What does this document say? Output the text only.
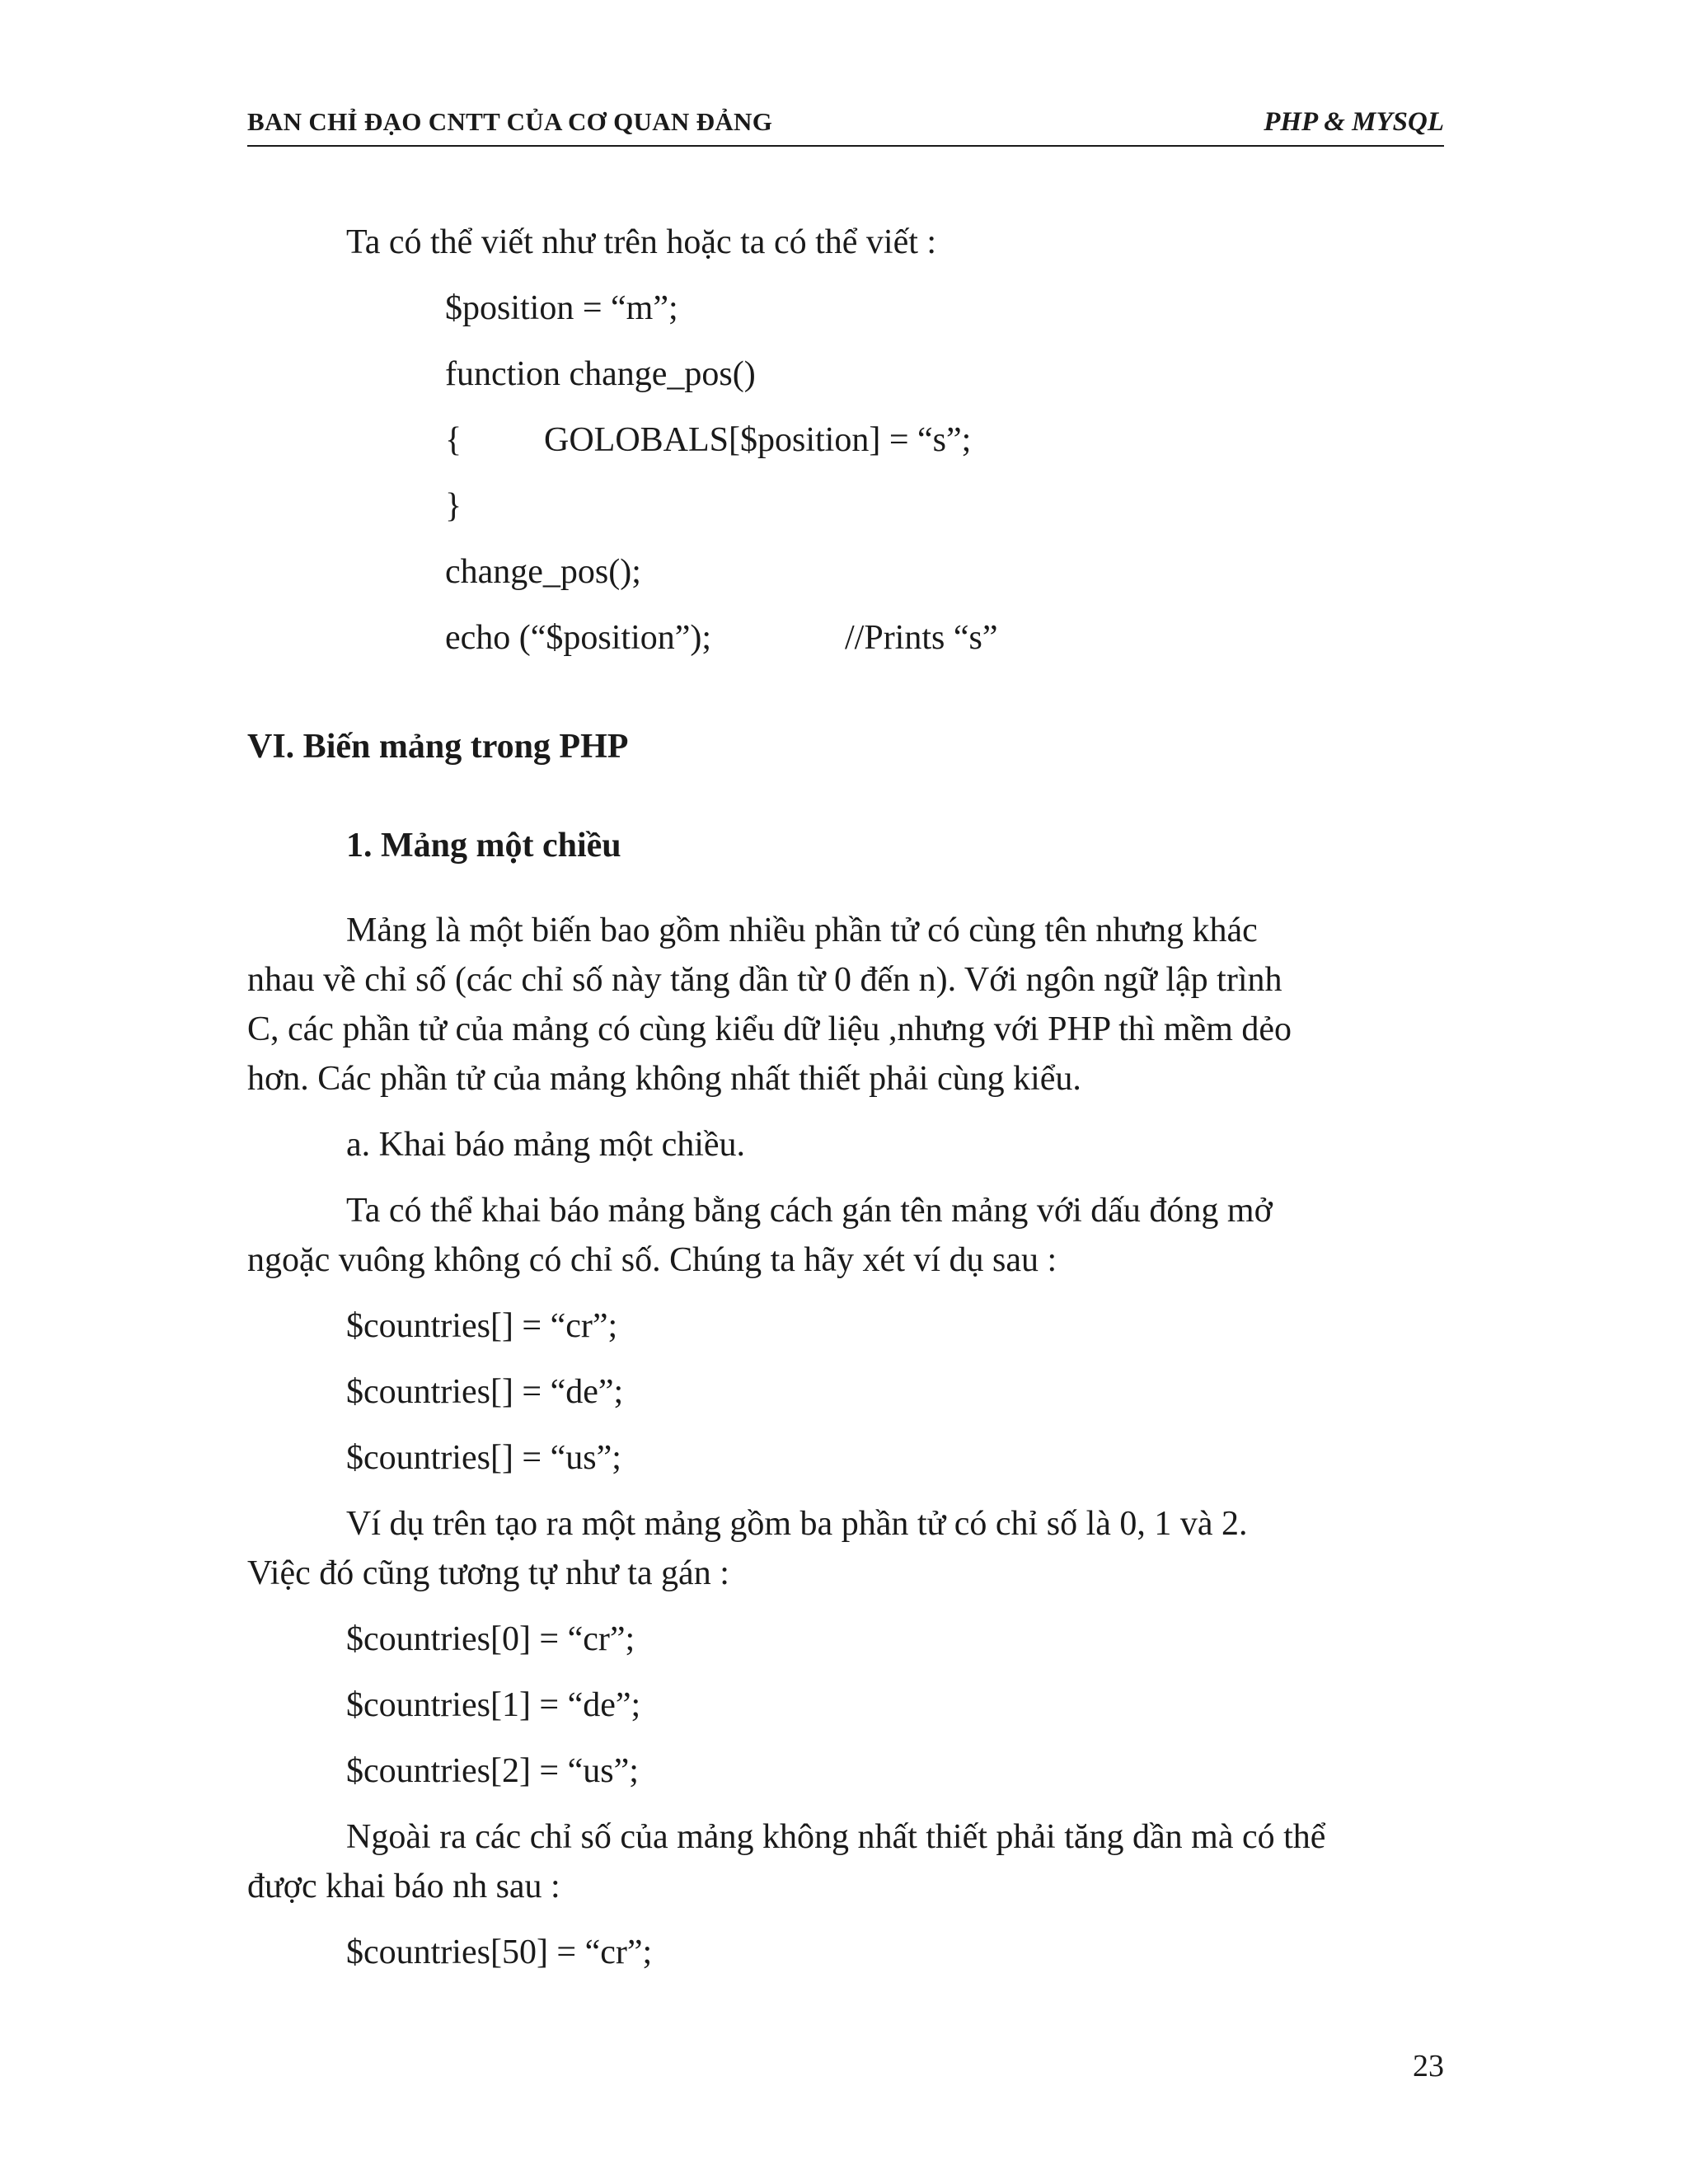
BAN CHỈ ĐẠO CNTT CỦA CƠ QUAN ĐẢNG	PHP & MYSQL
Ta có thể viết như trên hoặc ta có thể viết :
$position = “m”;
function change_pos()
{ GOLOBALS[$position] = “s”;
}
change_pos();
echo (“$position”);	//Prints “s”
VI. Biến mảng trong PHP
1. Mảng một chiều
Mảng là một biến bao gồm nhiều phần tử có cùng tên nhưng khác
nhau về chỉ số (các chỉ số này tăng dần từ 0 đến n). Với ngôn ngữ lập trình
C, các phần tử của mảng có cùng kiểu dữ liệu ,nhưng với PHP thì mềm dẻo
hơn. Các phần tử của mảng không nhất thiết phải cùng kiểu.
a. Khai báo mảng một chiều.
Ta có thể khai báo mảng bằng cách gán tên mảng với dấu đóng mở
ngoặc vuông không có chỉ số. Chúng ta hãy xét ví dụ sau :
$countries[] = “cr”;
$countries[] = “de”;
$countries[] = “us”;
Ví dụ trên tạo ra một mảng gồm ba phần tử có chỉ số là 0, 1 và 2.
Việc đó cũng tương tự như ta gán :
$countries[0] = “cr”;
$countries[1] = “de”;
$countries[2] = “us”;
Ngoài ra các chỉ số của mảng không nhất thiết phải tăng dần mà có thể
được khai báo nh sau :
$countries[50] = “cr”;
23
